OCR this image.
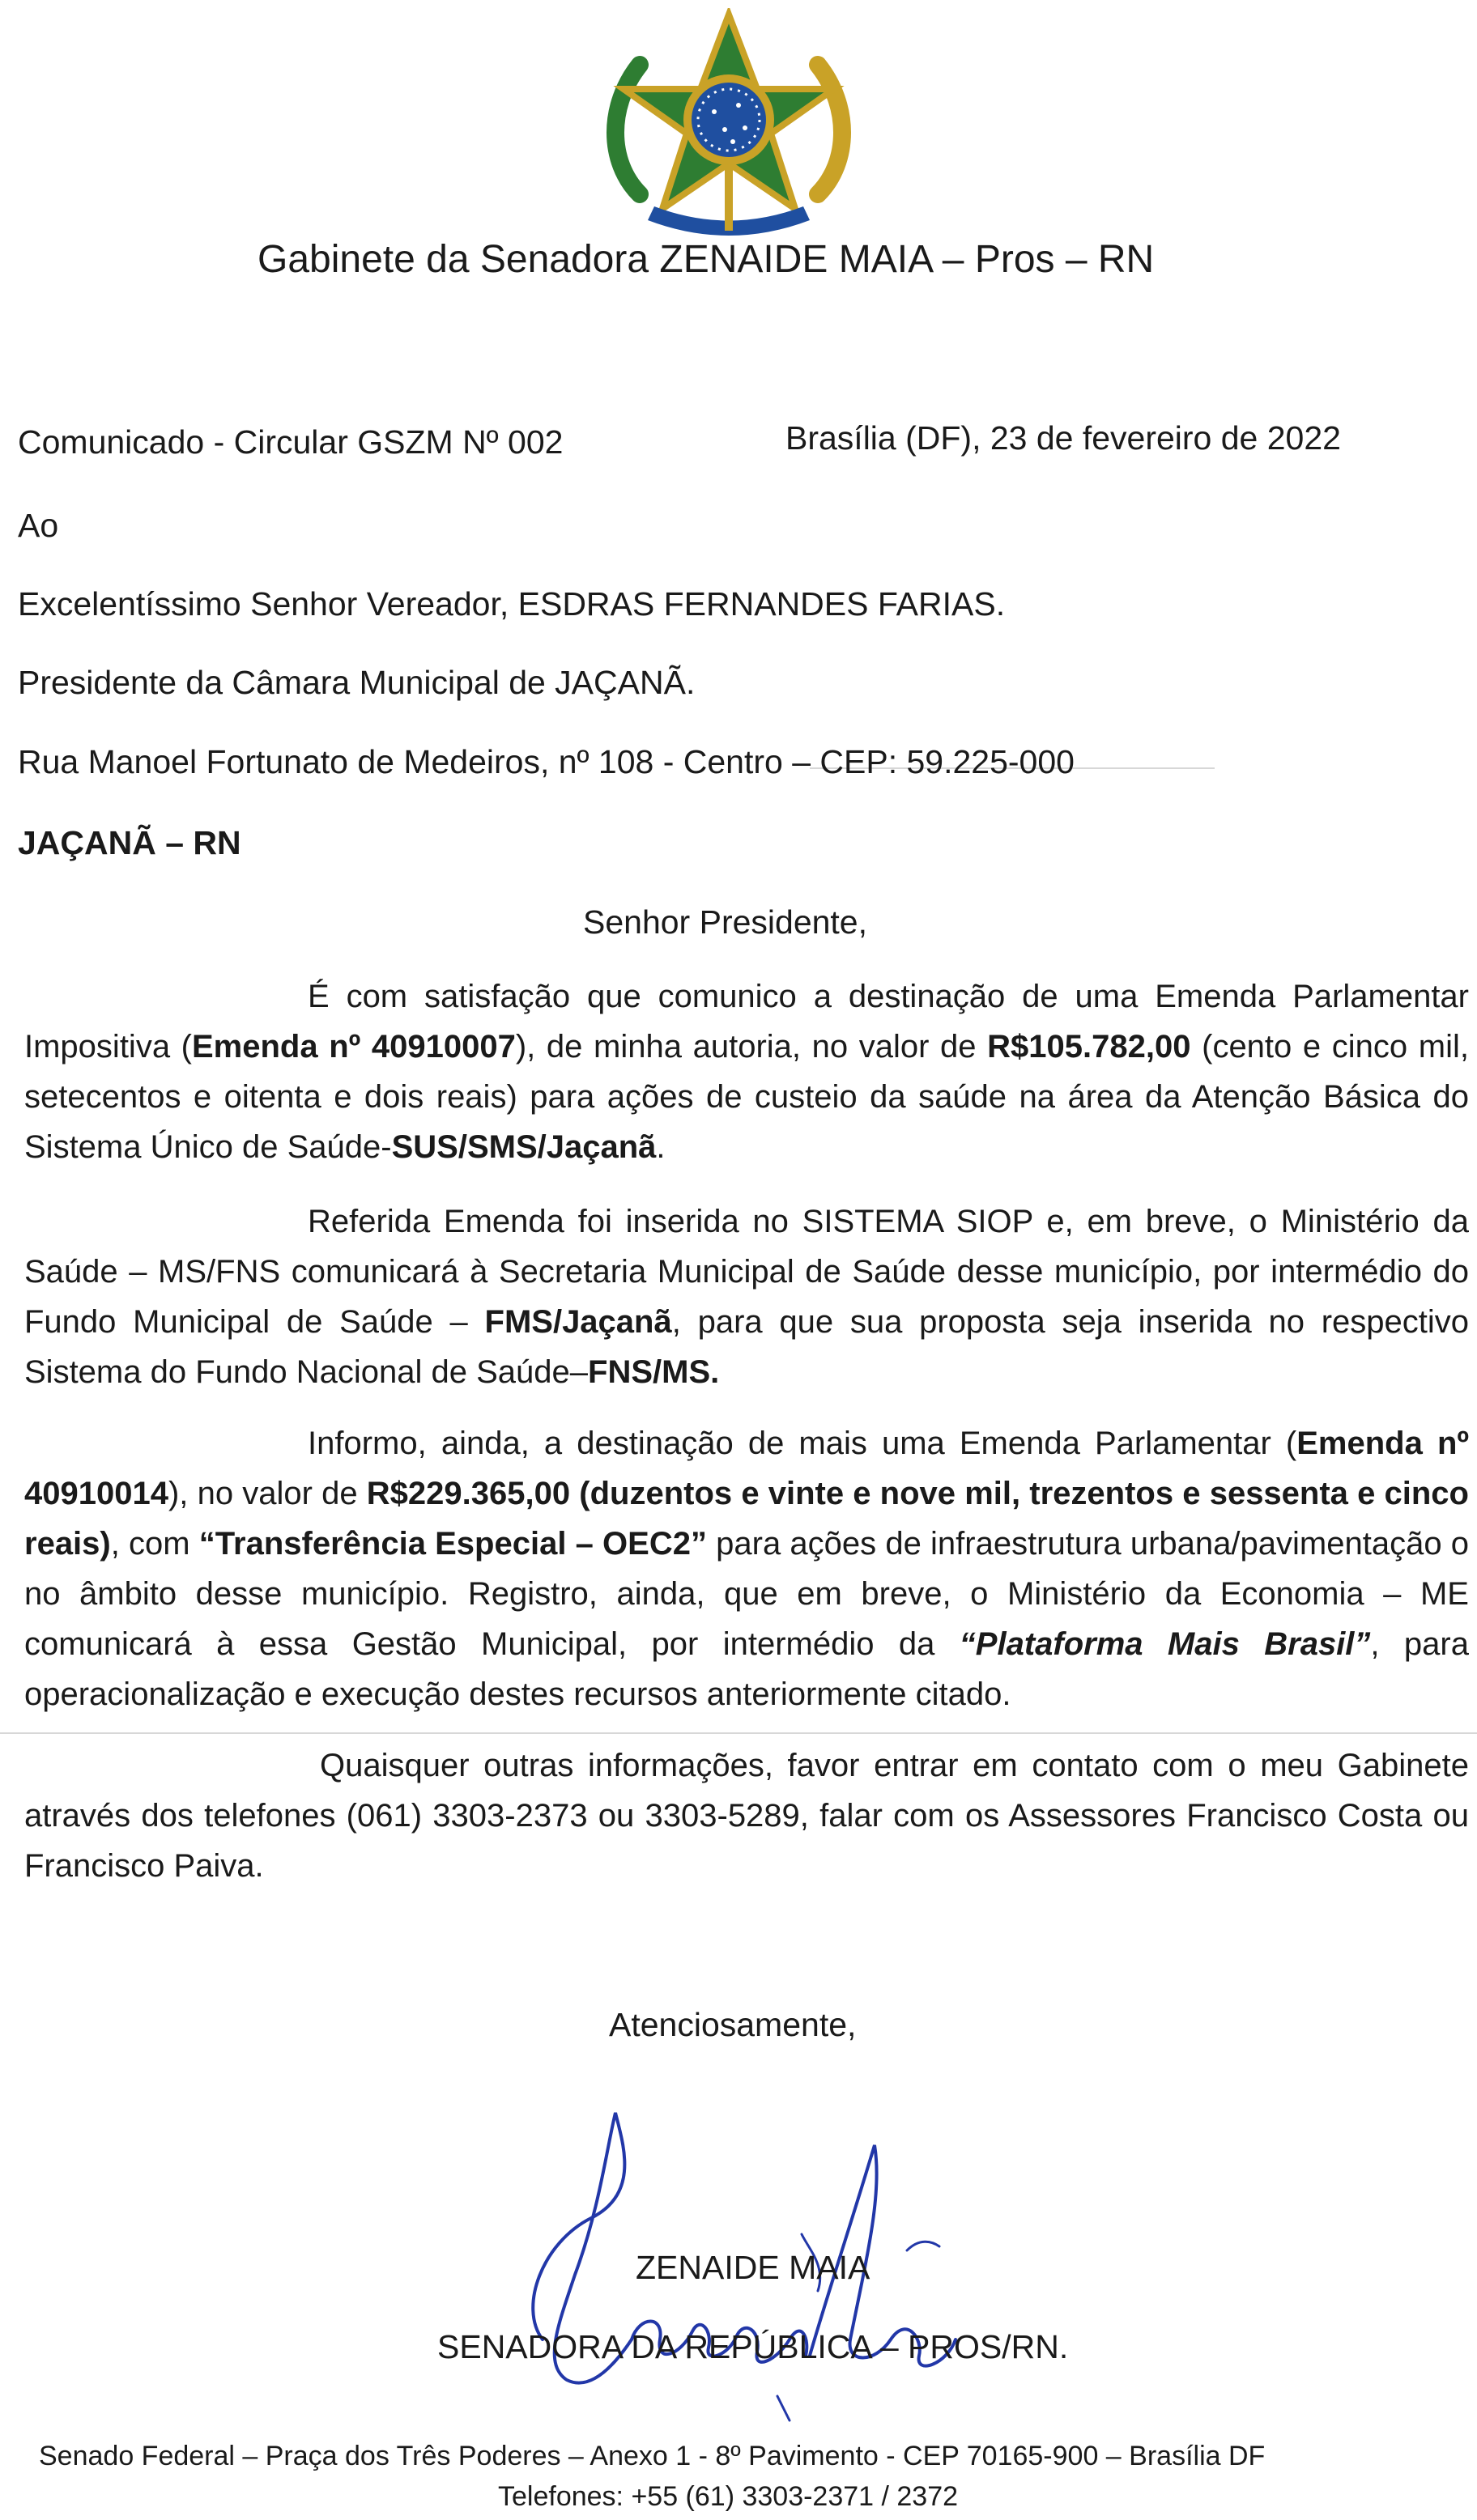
Gabinete da Senadora ZENAIDE MAIA – Pros – RN
Comunicado - Circular GSZM Nº 002	Brasília (DF), 23 de fevereiro de 2022
Ao
Excelentíssimo Senhor Vereador, ESDRAS FERNANDES FARIAS.
Presidente da Câmara Municipal de JAÇANÃ.
Rua Manoel Fortunato de Medeiros, nº 108 - Centro – CEP: 59.225-000
JAÇANÃ – RN
Senhor Presidente,
É com satisfação que comunico a destinação de uma Emenda Parlamentar Impositiva (Emenda nº 40910007), de minha autoria, no valor de R$105.782,00 (cento e cinco mil, setecentos e oitenta e dois reais) para ações de custeio da saúde na área da Atenção Básica do Sistema Único de Saúde-SUS/SMS/Jaçanã.
Referida Emenda foi inserida no SISTEMA SIOP e, em breve, o Ministério da Saúde – MS/FNS comunicará à Secretaria Municipal de Saúde desse município, por intermédio do Fundo Municipal de Saúde – FMS/Jaçanã, para que sua proposta seja inserida no respectivo Sistema do Fundo Nacional de Saúde–FNS/MS.
Informo, ainda, a destinação de mais uma Emenda Parlamentar (Emenda nº 40910014), no valor de R$229.365,00 (duzentos e vinte e nove mil, trezentos e sessenta e cinco reais), com “Transferência Especial – OEC2” para ações de infraestrutura urbana/pavimentação o no âmbito desse município. Registro, ainda, que em breve, o Ministério da Economia – ME comunicará à essa Gestão Municipal, por intermédio da “Plataforma Mais Brasil”, para operacionalização e execução destes recursos anteriormente citado.
Quaisquer outras informações, favor entrar em contato com o meu Gabinete através dos telefones (061) 3303-2373 ou 3303-5289, falar com os Assessores Francisco Costa ou Francisco Paiva.
Atenciosamente,
ZENAIDE MAIA
SENADORA DA REPÚBLICA – PROS/RN.
Senado Federal – Praça dos Três Poderes – Anexo 1 - 8º Pavimento - CEP 70165-900 – Brasília DF
Telefones: +55 (61) 3303-2371 / 2372
